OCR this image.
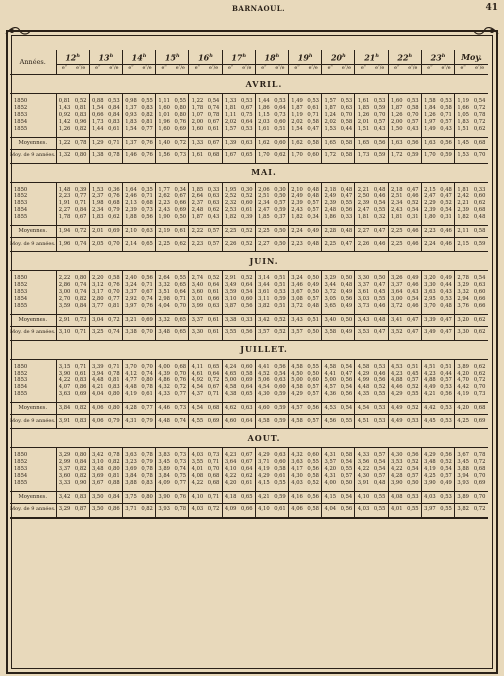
BARNAOUL.	41
Années.	12$^h$		13$^h$		14$^h$		15$^h$		16$^h$		17$^h$		18$^h$		19$^h$		20$^h$		21$^h$		22$^h$		23$^h$		Moy.	
	e‴	e″/e	e‴	e″/e	e‴	e″/e	e‴	e″/e	e‴	e″/e	e‴	e″/e	e‴	e″/e	e‴	e″/e	e‴	e″/e	e‴	e″/e	e‴	e″/e	e‴	e″/e	e‴	e″/e
AVRIL.																										

1850	0,81	0,52	0,88	0,53	0,98	0,55	1,11	0,55	1,22	0,54	1,33	0,53	1,44	0,53	1,49	0,53	1,57	0,53	1,61	0,53	1,60	0,53	1,58	0,53	1,19	0,54
1852	1,43	0,81	1,54	0,84	1,37	0,83	1,60	0,80	1,78	0,74	1,81	0,67	1,86	0,64	1,87	0,61	1,87	0,63	1,85	0,59	1,87	0,58	1,84	0,58	1,66	0,72
1853	0,92	0,83	0,66	0,84	0,93	0,82	1,01	0,80	1,07	0,78	1,11	0,75	1,15	0,73	1,19	0,71	1,24	0,70	1,26	0,70	1,26	0,70	1,26	0,71	1,05	0,78
1854	1,42	0,96	1,73	0,83	1,83	0,81	1,96	0,76	2,00	0,67	2,02	0,64	2,03	0,60	2,02	0,58	2,02	0,58	2,01	0,57	2,00	0,57	1,97	0,57	1,83	0,72
1855	1,26	0,82	1,44	0,61	1,54	0,77	1,60	0,69	1,60	0,61	1,57	0,53	1,61	0,51	1,54	0,47	1,53	0,44	1,51	0,43	1,50	0,43	1,49	0,43	1,51	0,62

Moyennes.	1,22	0,78	1,29	0,71	1,37	0,76	1,40	0,72	1,33	0,67	1,39	0,63	1,62	0,60	1,62	0,58	1,65	0,58	1,65	0,56	1,63	0,56	1,63	0,56	1,45	0,68
Moy. de 9 années.	1,32	0,80	1,38	0,78	1,46	0,76	1,56	0,73	1,61	0,68	1,67	0,65	1,70	0,62	1,70	0,60	1,72	0,58	1,73	0,59	1,72	0,59	1,70	0,59	1,53	0,70
MAI.																										

1850	1,48	0,39	1,53	0,36	1,64	0,35	1,77	0,34	1,85	0,33	1,95	0,30	2,06	0,30	2,10	0,48	2,18	0,48	2,21	0,48	2,18	0,47	2,15	0,48	1,81	0,33
1852	2,23	0,77	2,37	0,76	2,46	0,71	2,62	0,67	2,64	0,63	2,52	0,52	2,51	0,50	2,49	0,48	2,49	0,47	2,50	0,46	2,51	0,46	2,47	0,47	2,42	0,60
1853	1,91	0,71	1,98	0,68	2,13	0,68	2,23	0,66	2,37	0,63	2,32	0,60	2,34	0,57	2,39	0,57	2,39	0,55	2,39	0,54	2,34	0,52	2,29	0,52	2,21	0,62
1854	2,27	0,84	2,34	0,79	2,39	0,73	2,43	0,69	2,48	0,62	2,53	0,61	2,47	0,59	2,43	0,57	2,48	0,56	2,47	0,55	2,43	0,54	2,39	0,54	2,39	0,68
1855	1,78	0,67	1,83	0,62	1,88	0,56	1,90	0,50	1,87	0,43	1,82	0,39	1,85	0,37	1,82	0,34	1,86	0,33	1,81	0,32	1,81	0,31	1,80	0,31	1,82	0,48

Moyennes.	1,94	0,72	2,01	0,69	2,10	0,63	2,19	0,61	2,22	0,57	2,25	0,52	2,25	0,50	2,24	0,49	2,28	0,48	2,27	0,47	2,25	0,46	2,23	0,46	2,11	0,58
Moy. de 9 années.	1,96	0,74	2,05	0,70	2,14	0,65	2,25	0,62	2,23	0,57	2,26	0,52	2,27	0,50	2,23	0,48	2,25	0,47	2,26	0,46	2,25	0,46	2,24	0,46	2,15	0,59
JUIN.																										

1850	2,22	0,80	2,20	0,58	2,40	0,56	2,64	0,55	2,74	0,52	2,91	0,52	3,14	0,51	3,24	0,50	3,29	0,50	3,30	0,50	3,26	0,49	3,20	0,49	2,78	0,54
1852	2,86	0,74	3,12	0,76	3,24	0,71	3,32	0,65	3,40	0,64	3,49	0,64	3,44	0,51	3,46	0,49	3,44	0,48	3,37	0,47	3,37	0,46	3,30	0,44	3,29	0,63
1853	3,00	0,74	3,17	0,70	3,37	0,67	3,51	0,64	3,60	0,61	3,59	0,54	3,61	0,53	3,67	0,50	3,72	0,49	3,61	0,45	3,64	0,43	3,63	0,43	3,32	0,60
1854	2,70	0,82	2,80	0,77	2,92	0,74	2,98	0,71	3,01	0,66	3,10	0,60	3,11	0,59	3,08	0,57	3,05	0,56	3,03	0,55	3,00	0,54	2,95	0,53	2,94	0,66
1855	3,59	0,84	3,77	0,81	3,97	0,76	4,04	0,70	3,99	0,63	3,87	0,56	3,82	0,51	3,72	0,48	3,65	0,49	3,73	0,46	3,72	0,46	3,70	0,48	3,76	0,66

Moyennes.	2,91	0,73	3,04	0,72	3,21	0,69	3,32	0,65	3,37	0,61	3,38	0,33	3,42	0,52	3,43	0,51	3,40	0,50	3,43	0,48	3,41	0,47	3,39	0,47	3,20	0,62
Moy. de 9 années.	3,10	0,71	3,25	0,74	3,38	0,70	3,48	0,65	3,30	0,61	3,55	0,56	3,57	0,52	3,57	0,50	3,58	0,49	3,53	0,47	3,52	0,47	3,49	0,47	3,30	0,62
JUILLET.																										

1850	3,15	0,71	3,39	0,71	3,70	0,70	4,00	0,68	4,11	0,65	4,24	0,60	4,41	0,56	4,58	0,55	4,58	0,54	4,58	0,53	4,53	0,51	4,51	0,51	3,89	0,62
1852	3,90	0,61	3,94	0,78	4,12	0,74	4,39	0,70	4,61	0,64	4,65	0,58	4,52	0,54	4,50	0,50	4,41	0,47	4,29	0,46	4,23	0,45	4,23	0,44	4,20	0,62
1853	4,22	0,83	4,48	0,81	4,77	0,80	4,86	0,76	4,92	0,72	5,00	0,69	5,06	0,63	5,00	0,60	5,00	0,56	4,99	0,56	4,88	0,57	4,88	0,57	4,70	0,72
1854	4,07	0,86	4,21	0,83	4,48	0,78	4,32	0,72	4,54	0,67	4,58	0,64	4,54	0,60	4,58	0,57	4,57	0,54	4,48	0,52	4,46	0,52	4,49	0,53	4,42	0,70
1855	3,63	0,69	4,04	0,80	4,19	0,61	4,33	0,77	4,37	0,71	4,38	0,65	4,30	0,59	4,29	0,57	4,36	0,56	4,35	0,55	4,29	0,55	4,21	0,56	4,19	0,73

Moyennes.	3,84	0,82	4,06	0,80	4,28	0,77	4,46	0,73	4,54	0,68	4,62	0,63	4,60	0,59	4,57	0,56	4,53	0,54	4,54	0,53	4,49	0,52	4,42	0,53	4,20	0,68
Moy. de 9 années.	3,91	0,83	4,06	0,79	4,31	0,79	4,48	0,74	4,55	0,69	4,60	0,64	4,58	0,59	4,58	0,57	4,56	0,55	4,51	0,53	4,49	0,53	4,45	0,53	4,25	0,69
AOUT.																										

1850	3,29	0,80	3,42	0,78	3,63	0,78	3,83	0,73	4,03	0,73	4,23	0,67	4,29	0,63	4,32	0,60	4,31	0,58	4,33	0,57	4,30	0,56	4,29	0,56	3,67	0,78
1852	2,99	0,84	3,10	0,82	3,23	0,79	3,45	0,73	3,55	0,71	3,64	0,67	3,71	0,60	3,63	0,55	3,57	0,54	3,56	0,54	3,53	0,52	3,48	0,52	3,45	0,72
1853	3,37	0,82	3,48	0,80	3,69	0,78	3,89	0,74	4,01	0,70	4,10	0,64	4,19	0,58	4,17	0,56	4,20	0,55	4,22	0,54	4,22	0,54	4,19	0,54	3,88	0,68
1854	3,60	0,82	3,69	0,81	3,84	0,78	3,84	0,75	4,08	0,68	4,22	0,62	4,29	0,61	4,30	0,58	4,31	0,57	4,30	0,57	4,28	0,57	4,25	0,57	3,94	0,70
1855	3,33	0,90	3,67	0,88	3,88	0,83	4,09	0,77	4,22	0,68	4,20	0,61	4,15	0,55	4,03	0,52	4,00	0,50	3,91	0,48	3,90	0,50	3,90	0,49	3,93	0,69

Moyennes.	3,42	0,83	3,50	0,84	3,75	0,80	3,90	0,76	4,10	0,71	4,18	0,65	4,21	0,59	4,16	0,56	4,15	0,54	4,10	0,55	4,08	0,53	4,03	0,53	3,89	0,70
Moy. de 9 années.	3,29	0,87	3,50	0,86	3,71	0,82	3,93	0,78	4,03	0,72	4,09	0,66	4,10	0,61	4,06	0,58	4,04	0,56	4,03	0,55	4,01	0,55	3,97	0,55	3,82	0,72
